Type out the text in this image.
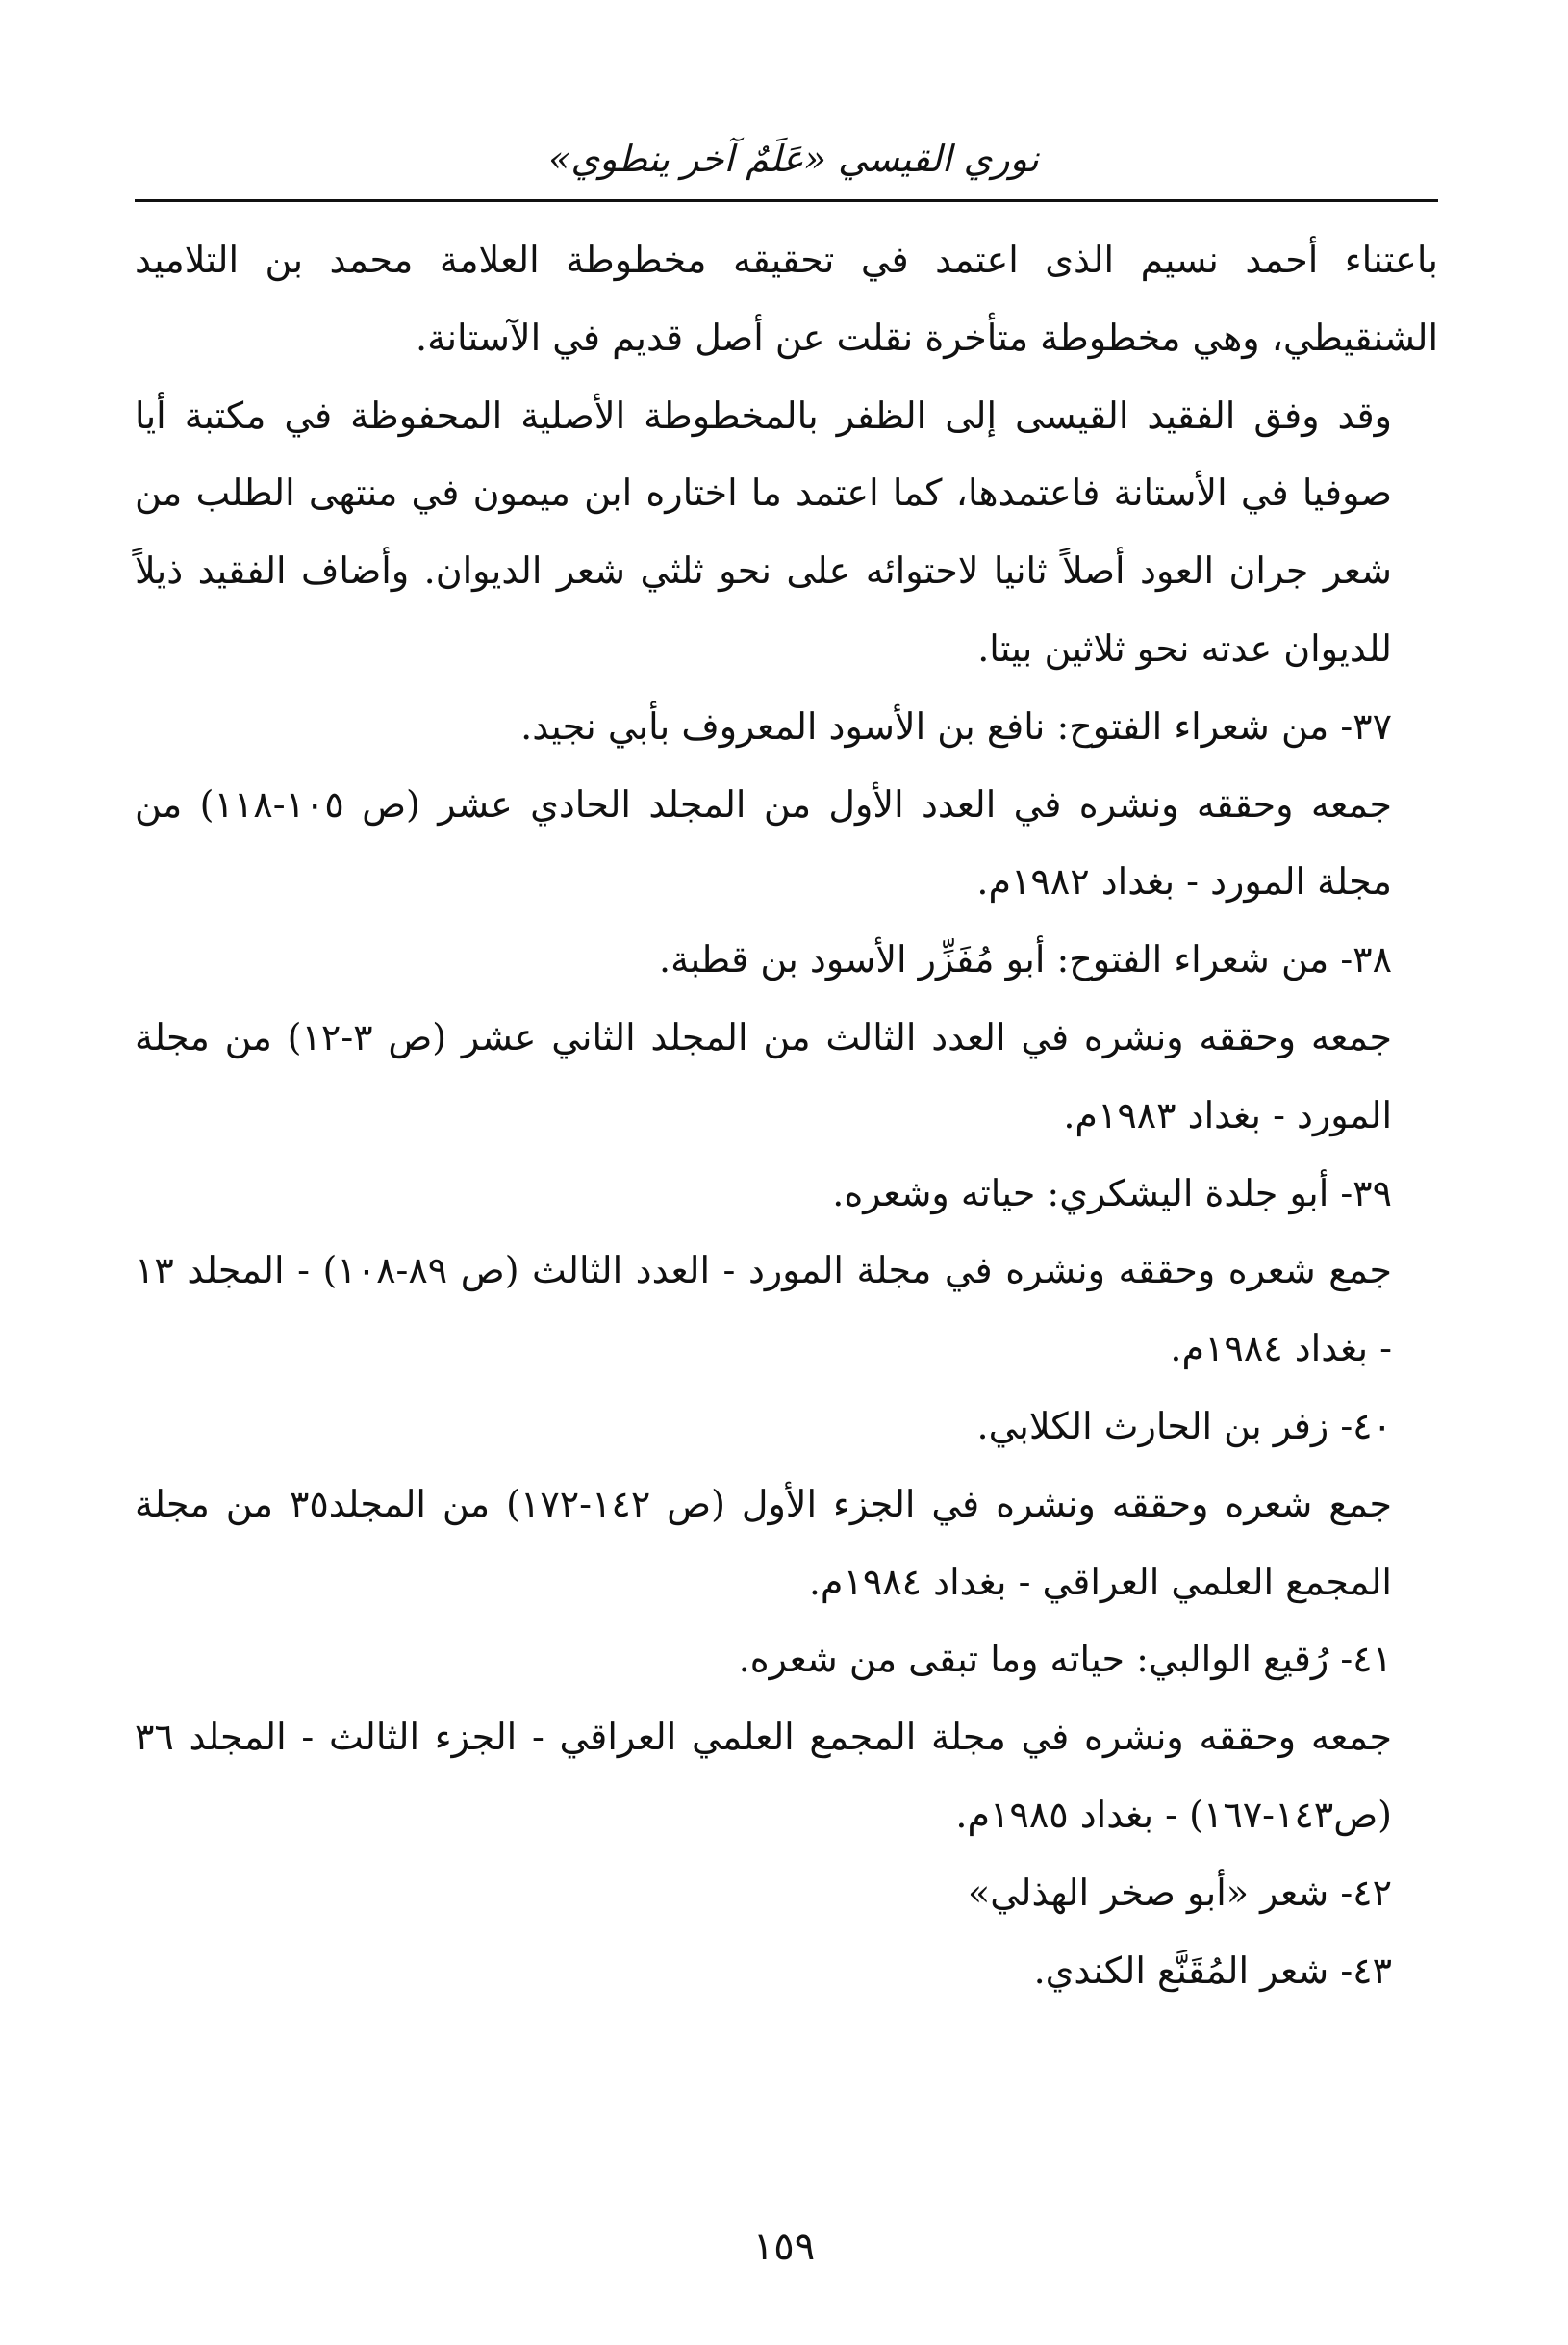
نوري القيسي «عَلَمٌ آخر ينطوي»

باعتناء أحمد نسيم الذى اعتمد في تحقيقه مخطوطة العلامة محمد بن التلاميد الشنقيطي، وهي مخطوطة متأخرة نقلت عن أصل قديم في الآستانة.

وقد وفق الفقيد القيسى إلى الظفر بالمخطوطة الأصلية المحفوظة في مكتبة أيا صوفيا في الأستانة فاعتمدها، كما اعتمد ما اختاره ابن ميمون في منتهى الطلب من شعر جران العود أصلاً ثانيا لاحتوائه على نحو ثلثي شعر الديوان. وأضاف الفقيد ذيلاً للديوان عدته نحو ثلاثين بيتا.

٣٧- من شعراء الفتوح: نافع بن الأسود المعروف بأبي نجيد.

جمعه وحققه ونشره في العدد الأول من المجلد الحادي عشر (ص ١٠٥-١١٨) من مجلة المورد - بغداد ١٩٨٢م.

٣٨- من شعراء الفتوح: أبو مُفَزِّر الأسود بن قطبة.

جمعه وحققه ونشره في العدد الثالث من المجلد الثاني عشر (ص ٣-١٢) من مجلة المورد - بغداد ١٩٨٣م.

٣٩- أبو جلدة اليشكري: حياته وشعره.

جمع شعره وحققه ونشره في مجلة المورد - العدد الثالث (ص ٨٩-١٠٨) - المجلد ١٣ - بغداد ١٩٨٤م.

٤٠- زفر بن الحارث الكلابي.

جمع شعره وحققه ونشره في الجزء الأول (ص ١٤٢-١٧٢) من المجلد٣٥ من مجلة المجمع العلمي العراقي - بغداد ١٩٨٤م.

٤١- رُقيع الوالبي: حياته وما تبقى من شعره.

جمعه وحققه ونشره في مجلة المجمع العلمي العراقي - الجزء الثالث - المجلد ٣٦ (ص١٤٣-١٦٧) - بغداد ١٩٨٥م.

٤٢- شعر «أبو صخر الهذلي»

٤٣- شعر المُقَنَّع الكندي.

١٥٩
